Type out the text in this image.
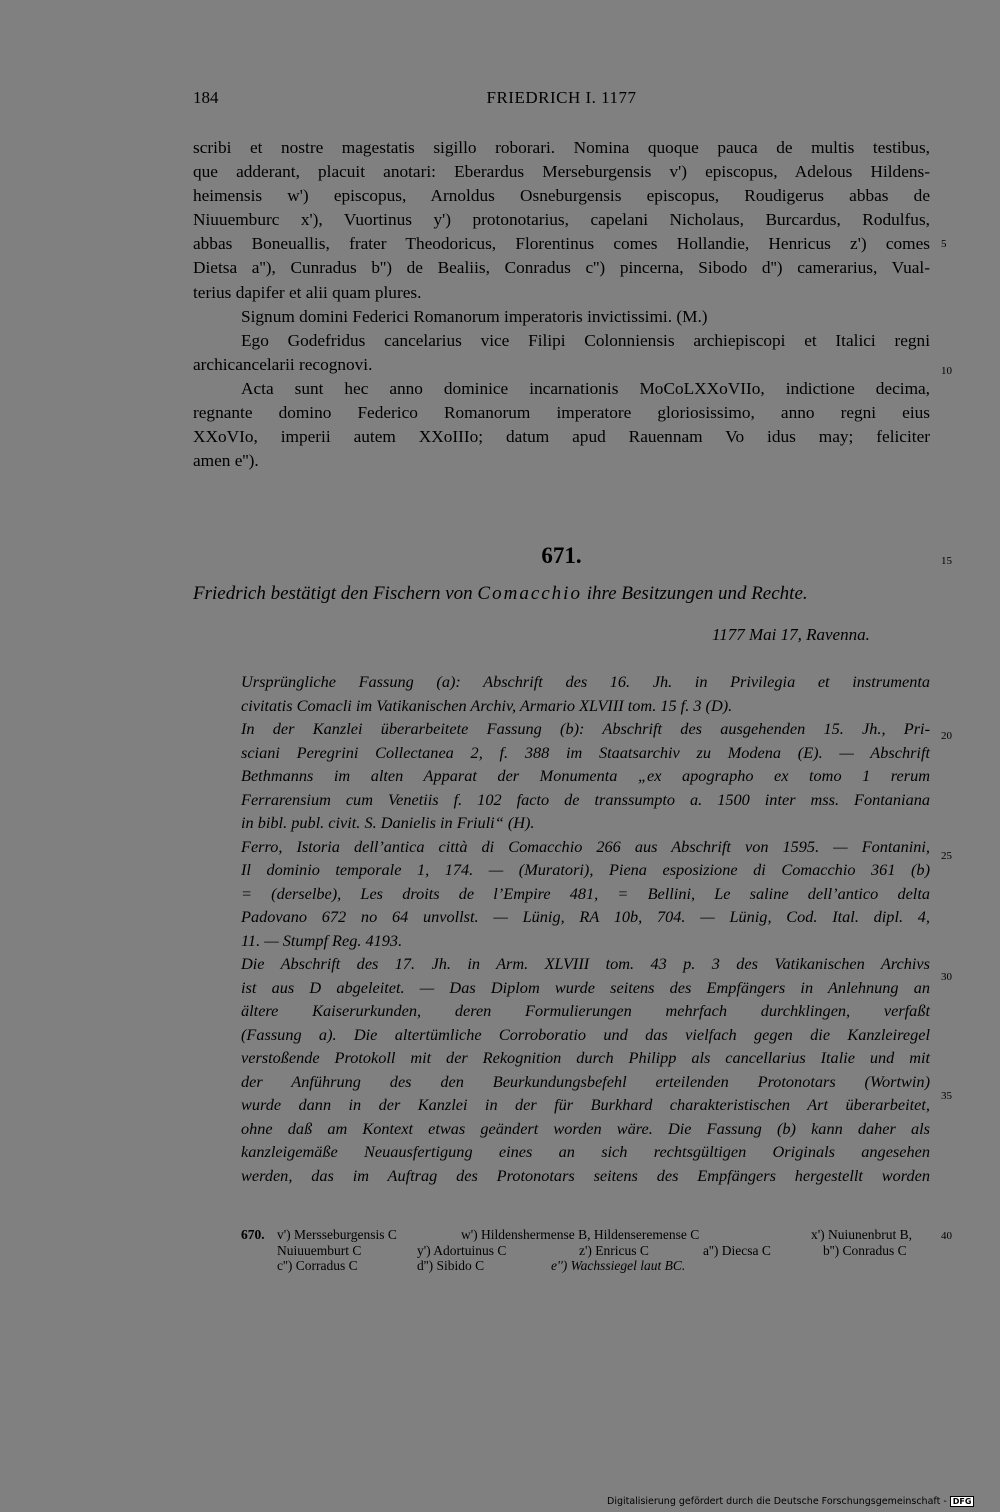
184	FRIEDRICH I. 1177
scribi et nostre magestatis sigillo roborari. Nomina quoque pauca de multis testibus,
que adderant, placuit anotari: Eberardus Merseburgensis v') episcopus, Adelous Hildens-
heimensis w') episcopus, Arnoldus Osneburgensis episcopus, Roudigerus abbas de
Niuuemburc x'), Vuortinus y') protonotarius, capelani Nicholaus, Burcardus, Rodulfus,
abbas Boneuallis, frater Theodoricus, Florentinus comes Hollandie, Henricus z') comes
Dietsa a''), Cunradus b'') de Bealiis, Conradus c'') pincerna, Sibodo d'') camerarius, Vual-
terius dapifer et alii quam plures.
Signum domini Federici Romanorum imperatoris invictissimi. (M.)
Ego Godefridus cancelarius vice Filipi Colonniensis archiepiscopi et Italici regni
archicancelarii recognovi.
Acta sunt hec anno dominice incarnationis MoCoLXXoVIIo, indictione decima,
regnante domino Federico Romanorum imperatore gloriosissimo, anno regni eius
XXoVIo, imperii autem XXoIIIo; datum apud Rauennam Vo idus may; feliciter
amen e'').
5
10
15
20
25
30
35
40
671.
Friedrich bestätigt den Fischern von Comacchio ihre Besitzungen und Rechte.
1177 Mai 17, Ravenna.
Ursprüngliche Fassung (a): Abschrift des 16. Jh. in Privilegia et instrumenta
civitatis Comacli im Vatikanischen Archiv, Armario XLVIII tom. 15 f. 3 (D).
In der Kanzlei überarbeitete Fassung (b): Abschrift des ausgehenden 15. Jh., Pri-
sciani Peregrini Collectanea 2, f. 388 im Staatsarchiv zu Modena (E). — Abschrift
Bethmanns im alten Apparat der Monumenta „ex apographo ex tomo 1 rerum
Ferrarensium cum Venetiis f. 102 facto de transsumpto a. 1500 inter mss. Fontaniana
in bibl. publ. civit. S. Danielis in Friuli“ (H).
Ferro, Istoria dell’antica città di Comacchio 266 aus Abschrift von 1595. — Fontanini,
Il dominio temporale 1, 174. — (Muratori), Piena esposizione di Comacchio 361 (b)
= (derselbe), Les droits de l’Empire 481, = Bellini, Le saline dell’antico delta
Padovano 672 no 64 unvollst. — Lünig, RA 10b, 704. — Lünig, Cod. Ital. dipl. 4,
11. — Stumpf Reg. 4193.
Die Abschrift des 17. Jh. in Arm. XLVIII tom. 43 p. 3 des Vatikanischen Archivs
ist aus D abgeleitet. — Das Diplom wurde seitens des Empfängers in Anlehnung an
ältere Kaiserurkunden, deren Formulierungen mehrfach durchklingen, verfaßt
(Fassung a). Die altertümliche Corroboratio und das vielfach gegen die Kanzleiregel
verstoßende Protokoll mit der Rekognition durch Philipp als cancellarius Italie und mit
der Anführung des den Beurkundungsbefehl erteilenden Protonotars (Wortwin)
wurde dann in der Kanzlei in der für Burkhard charakteristischen Art überarbeitet,
ohne daß am Kontext etwas geändert worden wäre. Die Fassung (b) kann daher als
kanzleigemäße Neuausfertigung eines an sich rechtsgültigen Originals angesehen
werden, das im Auftrag des Protonotars seitens des Empfängers hergestellt worden
670. v') Mersseburgensis C	w') Hildenshermense B, Hildenseremense C	x') Nuiunenbrut B,
Nuiuuemburt C	y') Adortuinus C	z') Enricus C	a'') Diecsa C	b'') Conradus C
c'') Corradus C	d'') Sibido C	e'') Wachssiegel laut BC.
Digitalisierung gefördert durch die Deutsche Forschungsgemeinschaft - DFG
